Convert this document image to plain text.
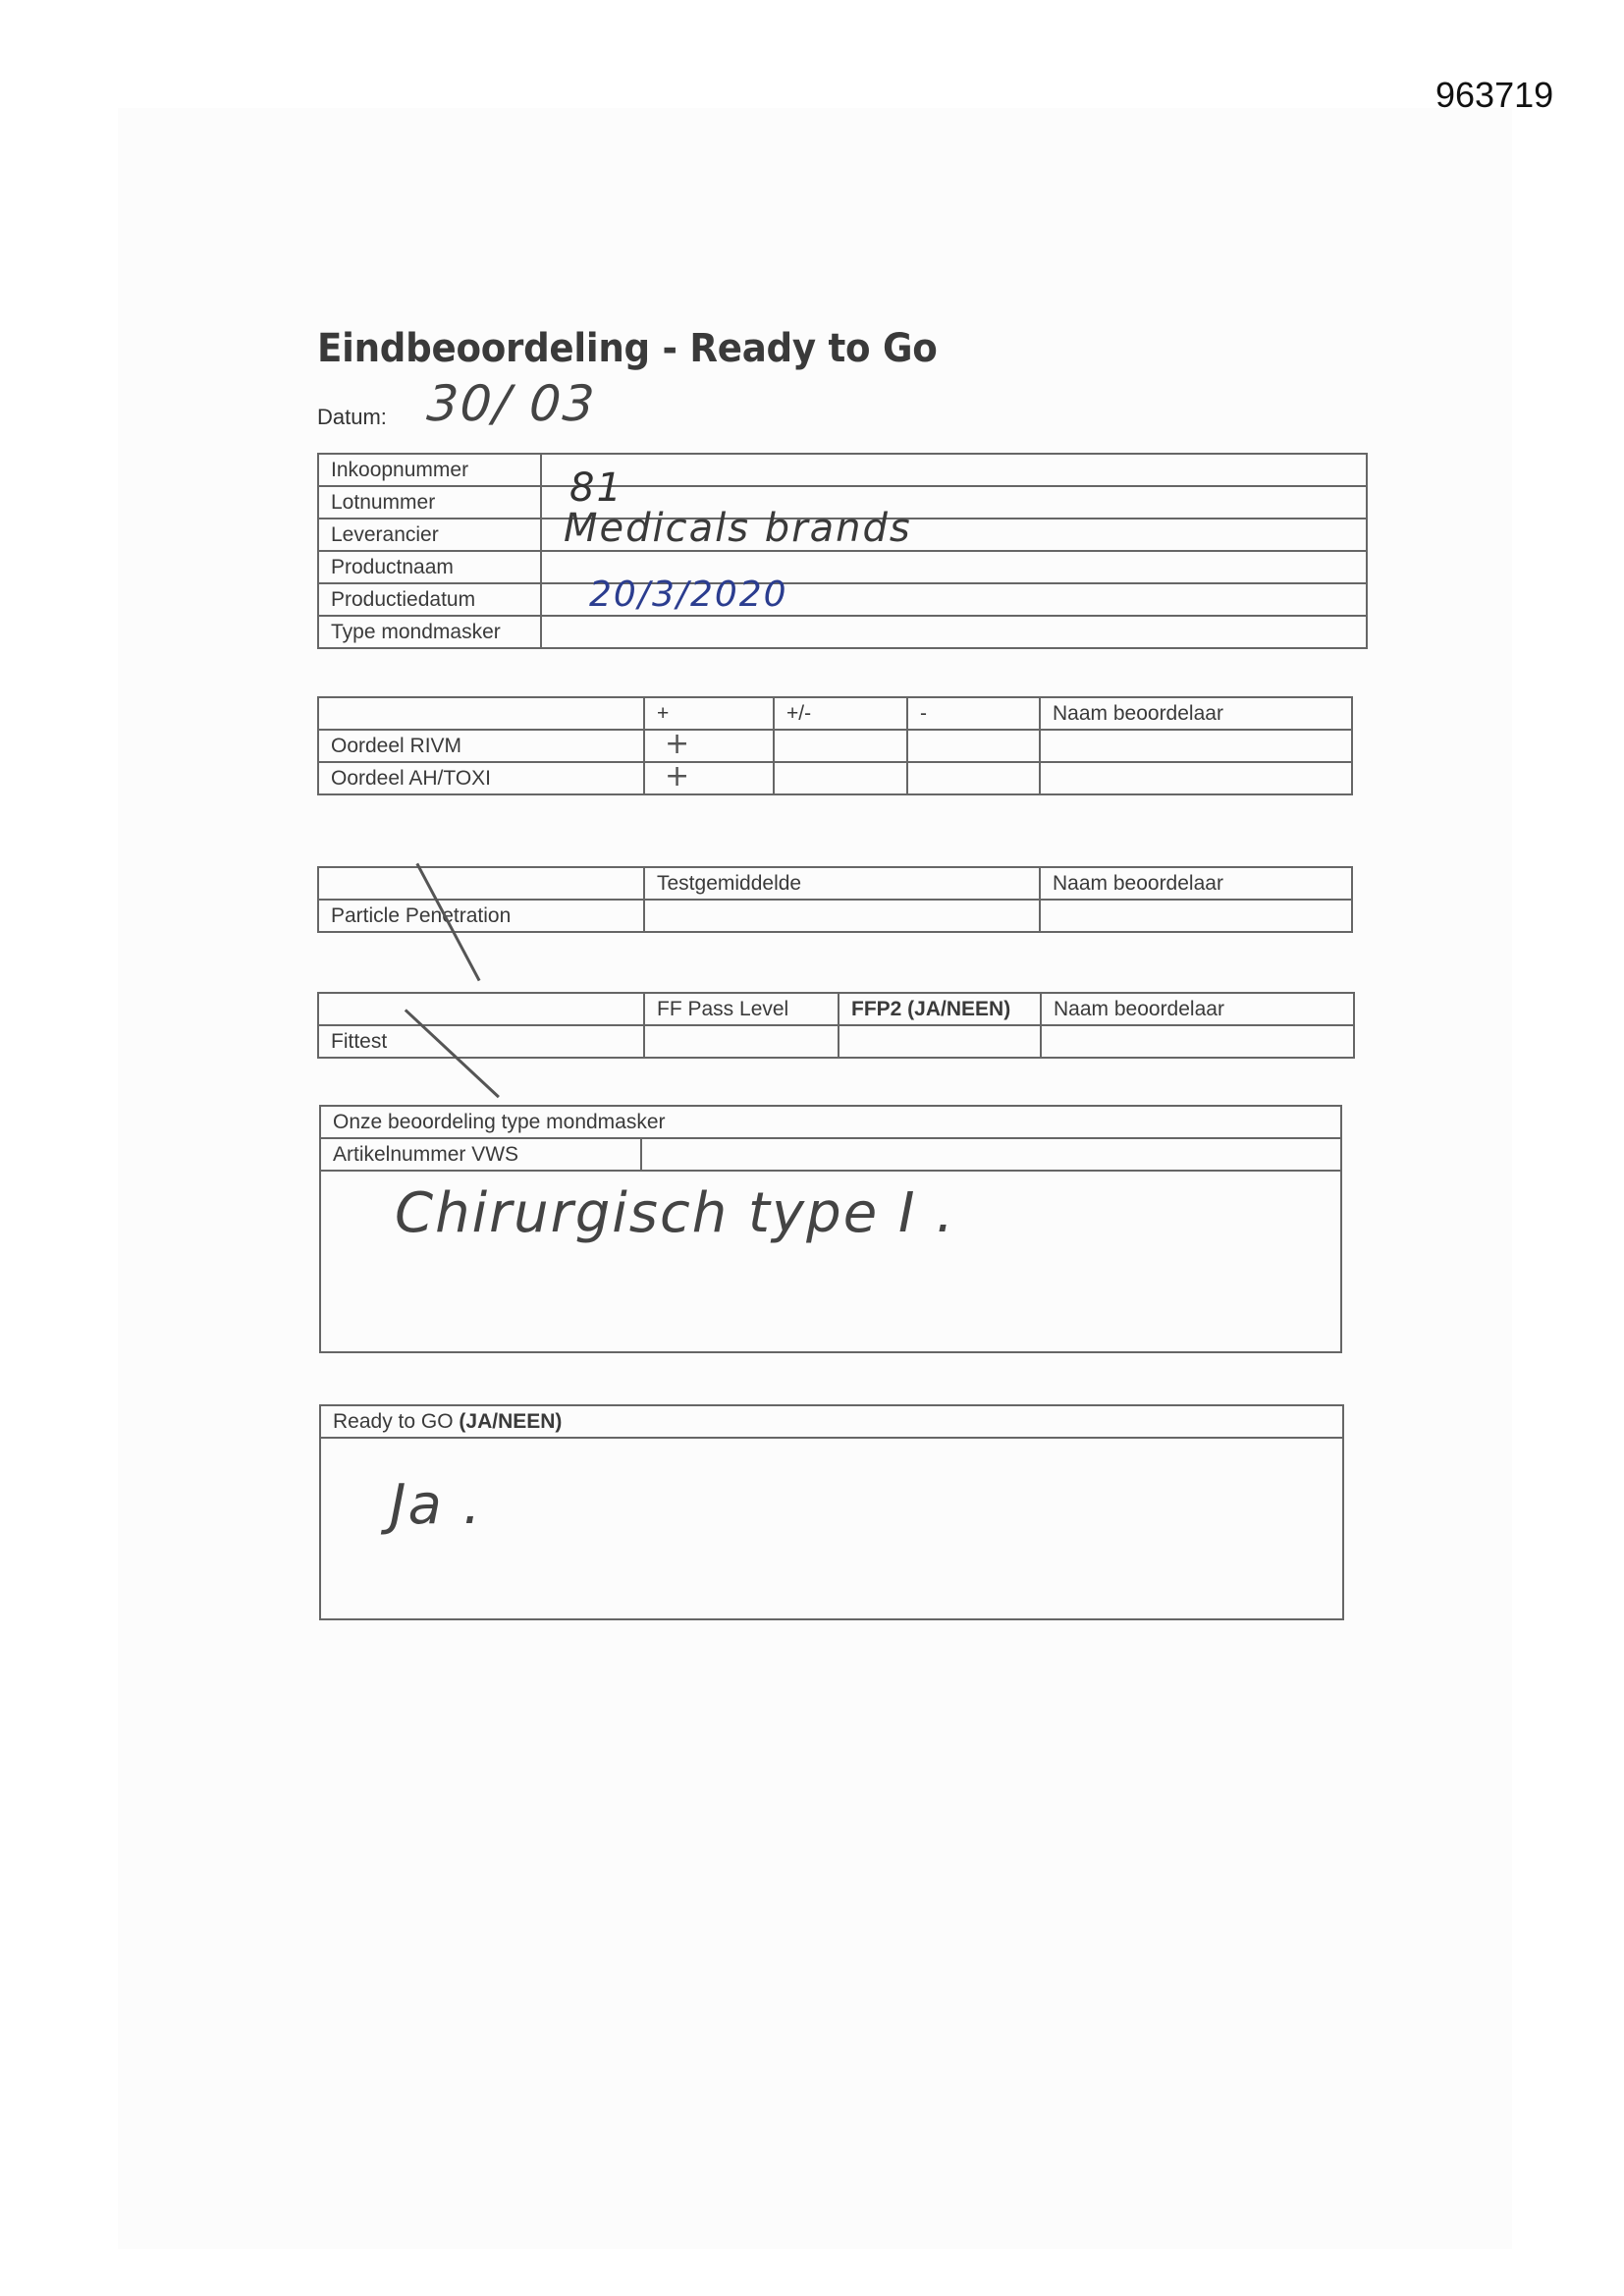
963719
Eindbeoordeling - Ready to Go
Datum: 30/ 03
Inkoopnummer	

Lotnummer	81

Leverancier	Medicals brands

Productnaam	

Productiedatum	20/3/2020

Type mondmasker	
	+	+/-	-	Naam beoordelaar
Oordeel RIVM	+			

Oordeel AH/TOXI	+			

	Testgemiddelde	Naam beoordelaar
Particle Penetration		
	FF Pass Level	FFP2 (JA/NEEN)	Naam beoordelaar
Fittest			
Onze beoordeling type mondmasker
Artikelnummer VWS	

Chirurgisch type I .
Ready to GO (JA/NEEN)

Ja .
